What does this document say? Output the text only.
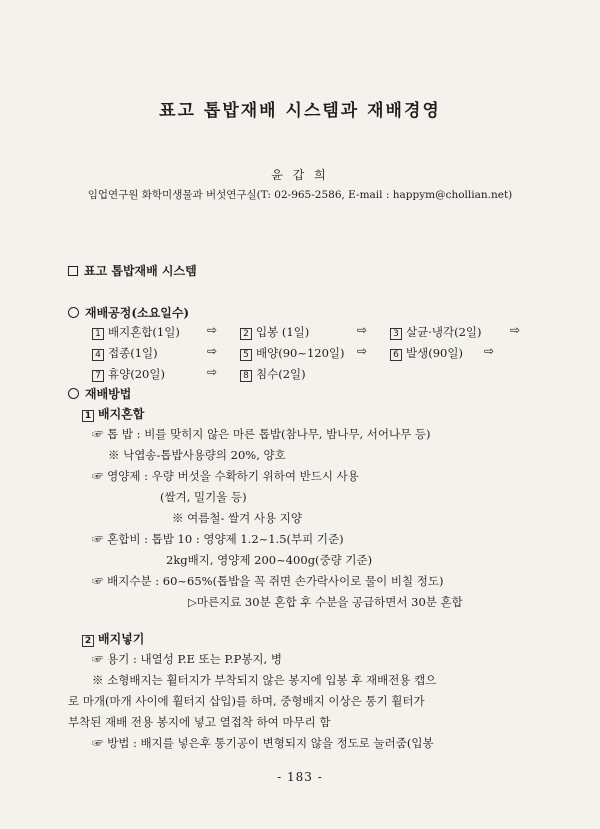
표고 톱밥재배 시스템과 재배경영
윤 갑 희
임업연구원 화학미생물과 버섯연구실(T: 02-965-2586, E-mail : happym@chollian.net)
표고 톱밥재배 시스템
재배공정(소요일수)
1 배지혼합(1일) ⇨	2 입봉 (1일)	⇨	3 살균·냉각(2일) ⇨
4 접종(1일)	⇨	5 배양(90~120일) ⇨	6 발생(90일) ⇨
7 휴양(20일)	⇨	8 침수(2일)
재배방법
1 배지혼합
☞ 톱 밥 : 비를 맞히지 않은 마른 톱밥(참나무, 밤나무, 서어나무 등)
※ 낙엽송-톱밥사용량의 20%, 양호
☞ 영양제 : 우량 버섯을 수확하기 위하여 반드시 사용
(쌀겨, 밀기울 등)
※ 여름철- 쌀겨 사용 지양
☞ 혼합비 : 톱밥 10 : 영양제 1.2~1.5(부피 기준)
2kg배지, 영양제 200~400g(중량 기준)
☞ 배지수분 : 60~65%(톱밥을 꼭 쥐면 손가락사이로 물이 비칠 정도)
▷마른지료 30분 혼합 후 수분을 공급하면서 30분 혼합
2 배지넣기
☞ 용기 : 내열성 P.E 또는 P.P봉지, 병
※ 소형배지는 휠터지가 부착되지 않은 봉지에 입봉 후 재배전용 캡으
로 마개(마개 사이에 휠터지 삽입)를 하며, 중형배지 이상은 통기 휠터가
부착된 재배 전용 봉지에 넣고 열접착 하여 마무리 함
☞ 방법 : 배지를 넣은후 통기공이 변형되지 않을 정도로 눌러줌(입봉
- 183 -
